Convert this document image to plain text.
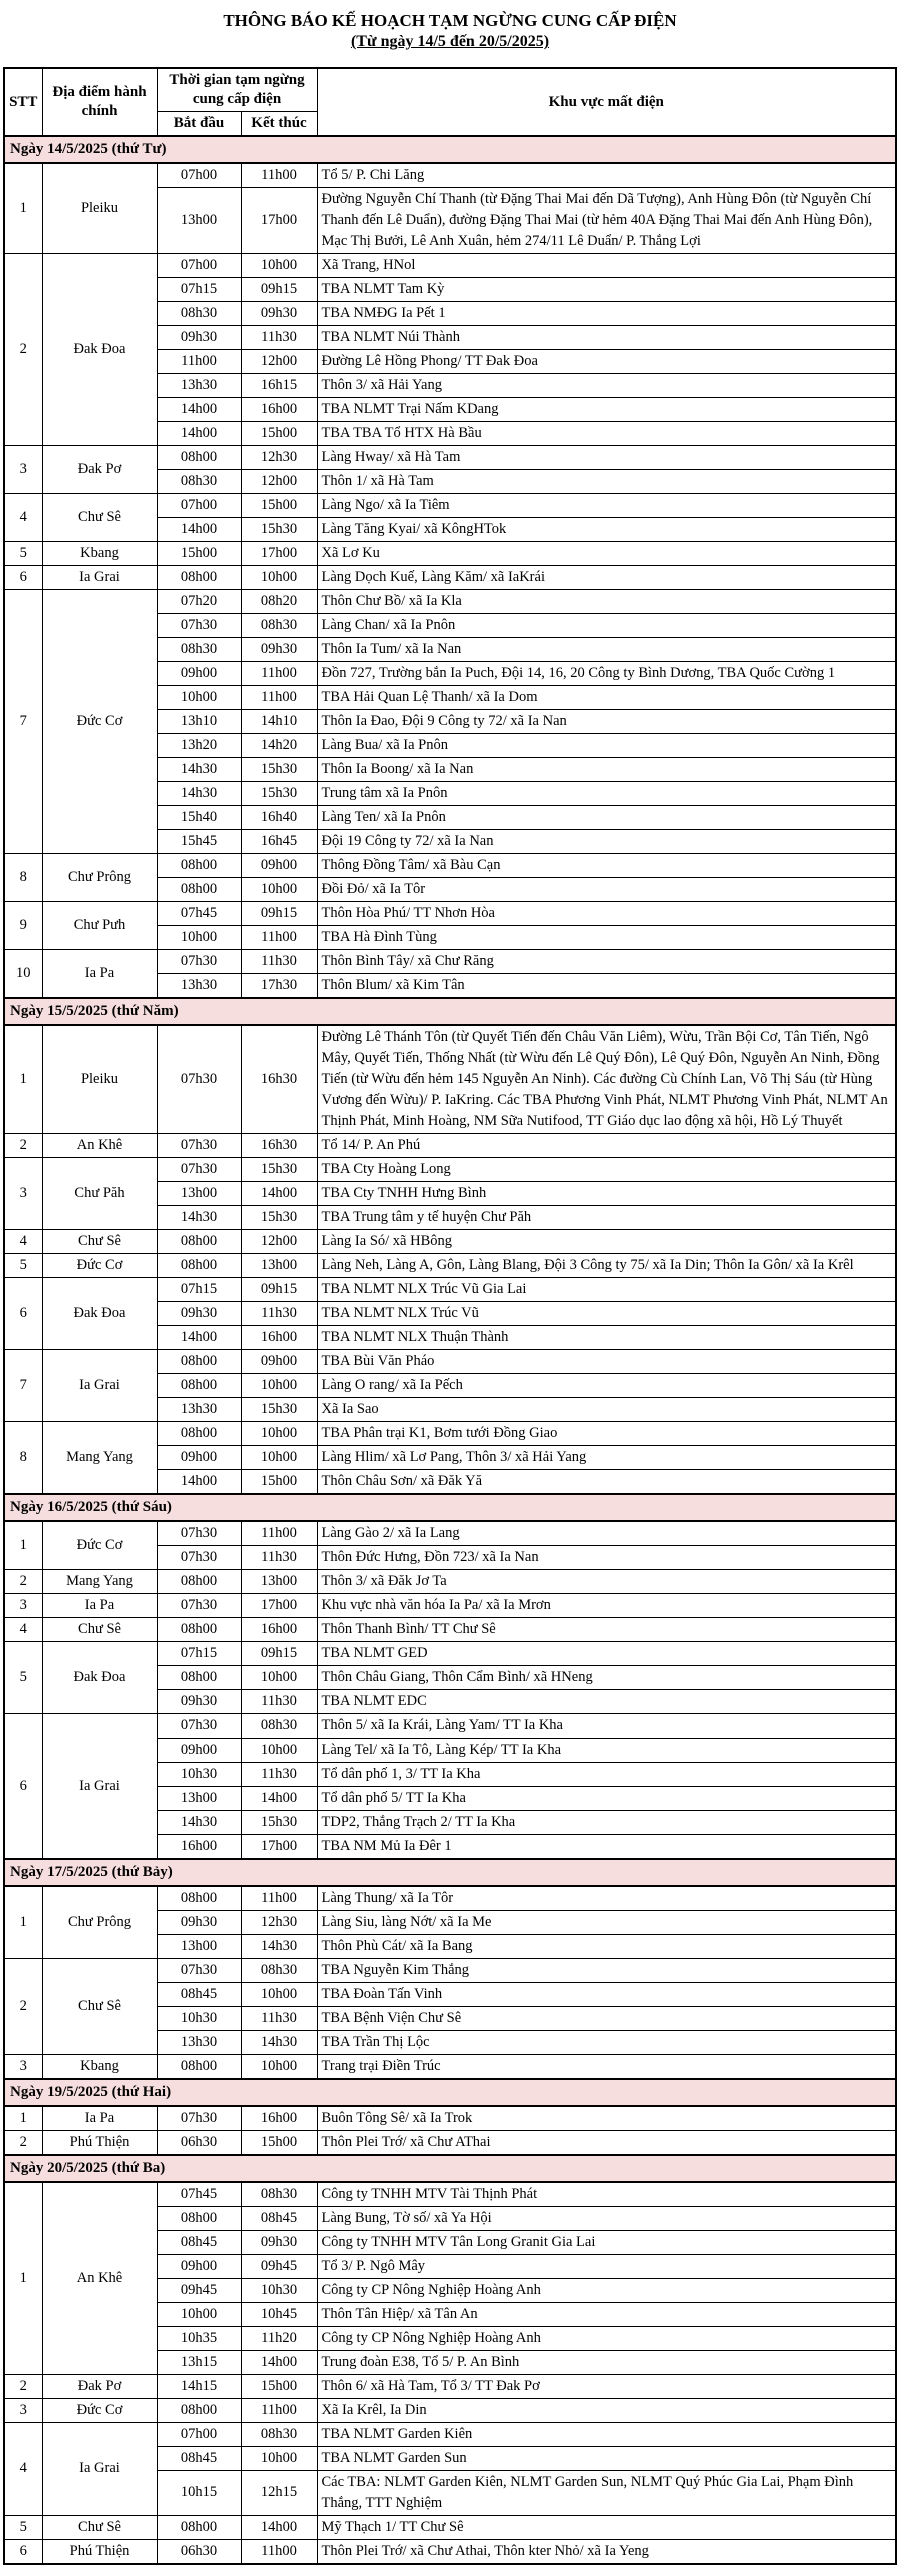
THÔNG BÁO KẾ HOẠCH TẠM NGỪNG CUNG CẤP ĐIỆN
(Từ ngày 14/5 đến 20/5/2025)
STT	Địa điểm hành chính	Thời gian tạm ngừng cung cấp điện		Khu vực mất điện
		Bắt đầu	Kết thúc	
Ngày 14/5/2025 (thứ Tư)				
1	Pleiku	07h00	11h00	Tổ 5/ P. Chi Lăng
		13h00	17h00	Đường Nguyễn Chí Thanh (từ Đặng Thai Mai đến Dã Tượng), Anh Hùng Đôn (từ Nguyễn Chí Thanh đến Lê Duẩn), đường Đặng Thai Mai (từ hẻm 40A Đặng Thai Mai đến Anh Hùng Đôn), Mạc Thị Bưởi, Lê Anh Xuân, hẻm 274/11 Lê Duẩn/ P. Thắng Lợi
2	Đak Đoa	07h00	10h00	Xã Trang, HNol
		07h15	09h15	TBA NLMT Tam Kỳ
		08h30	09h30	TBA NMĐG Ia Pết 1
		09h30	11h30	TBA NLMT Núi Thành
		11h00	12h00	Đường Lê Hồng Phong/ TT Đak Đoa
		13h30	16h15	Thôn 3/ xã Hải Yang
		14h00	16h00	TBA NLMT Trại Nấm KDang
		14h00	15h00	TBA TBA Tổ HTX Hà Bầu
3	Đak Pơ	08h00	12h30	Làng Hway/ xã Hà Tam
		08h30	12h00	Thôn 1/ xã Hà Tam
4	Chư Sê	07h00	15h00	Làng Ngo/ xã Ia Tiêm
		14h00	15h30	Làng Tăng Kyai/ xã KôngHTok
5	Kbang	15h00	17h00	Xã Lơ Ku
6	Ia Grai	08h00	10h00	Làng Dọch Kuế, Làng Kăm/ xã IaKrái
7	Đức Cơ	07h20	08h20	Thôn Chư Bồ/ xã Ia Kla
		07h30	08h30	Làng Chan/ xã Ia Pnôn
		08h30	09h30	Thôn Ia Tum/ xã Ia Nan
		09h00	11h00	Đồn 727, Trường bắn Ia Puch, Đội 14, 16, 20 Công ty Bình Dương, TBA Quốc Cường 1
		10h00	11h00	TBA Hải Quan Lệ Thanh/ xã Ia Dom
		13h10	14h10	Thôn Ia Đao, Đội 9 Công ty 72/ xã Ia Nan
		13h20	14h20	Làng Bua/ xã Ia Pnôn
		14h30	15h30	Thôn Ia Boong/ xã Ia Nan
		14h30	15h30	Trung tâm xã Ia Pnôn
		15h40	16h40	Làng Ten/ xã Ia Pnôn
		15h45	16h45	Đội 19 Công ty 72/ xã Ia Nan
8	Chư Prông	08h00	09h00	Thông Đồng Tâm/ xã Bàu Cạn
		08h00	10h00	Đồi Đỏ/ xã Ia Tôr
9	Chư Pưh	07h45	09h15	Thôn Hòa Phú/ TT Nhơn Hòa
		10h00	11h00	TBA Hà Đình Tùng
10	Ia Pa	07h30	11h30	Thôn Bình Tây/ xã Chư Răng
		13h30	17h30	Thôn Blum/ xã Kim Tân
Ngày 15/5/2025 (thứ Năm)				
1	Pleiku	07h30	16h30	Đường Lê Thánh Tôn (từ Quyết Tiến đến Châu Văn Liêm), Wừu, Trần Bội Cơ, Tân Tiến, Ngô Mây, Quyết Tiến, Thống Nhất (từ Wừu đến Lê Quý Đôn), Lê Quý Đôn, Nguyễn An Ninh, Đồng Tiến (từ Wừu đến hẻm 145 Nguyễn An Ninh). Các đường Cù Chính Lan, Võ Thị Sáu (từ Hùng Vương đến Wừu)/ P. IaKring. Các TBA Phương Vinh Phát, NLMT Phương Vinh Phát, NLMT An Thịnh Phát, Minh Hoàng, NM Sữa Nutifood, TT Giáo dục lao động xã hội, Hồ Lý Thuyết
2	An Khê	07h30	16h30	Tổ 14/ P. An Phú
3	Chư Păh	07h30	15h30	TBA Cty Hoàng Long
		13h00	14h00	TBA Cty TNHH Hưng Bình
		14h30	15h30	TBA Trung tâm y tế huyện Chư Păh
4	Chư Sê	08h00	12h00	Làng Ia Só/ xã HBông
5	Đức Cơ	08h00	13h00	Làng Neh, Làng A, Gôn, Làng Blang, Đội 3 Công ty 75/ xã Ia Din; Thôn Ia Gôn/ xã Ia Krêl
6	Đak Đoa	07h15	09h15	TBA NLMT NLX Trúc Vũ Gia Lai
		09h30	11h30	TBA NLMT NLX Trúc Vũ
		14h00	16h00	TBA NLMT NLX Thuận Thành
7	Ia Grai	08h00	09h00	TBA Bùi Văn Pháo
		08h00	10h00	Làng O rang/ xã Ia Pếch
		13h30	15h30	Xã Ia Sao
8	Mang Yang	08h00	10h00	TBA Phân trại K1, Bơm tưới Đồng Giao
		09h00	10h00	Làng Hlim/ xã Lơ Pang, Thôn 3/ xã Hải Yang
		14h00	15h00	Thôn Châu Sơn/ xã Đăk Yă
Ngày 16/5/2025 (thứ Sáu)				
1	Đức Cơ	07h30	11h00	Làng Gào 2/ xã Ia Lang
		07h30	11h30	Thôn Đức Hưng, Đồn 723/ xã Ia Nan
2	Mang Yang	08h00	13h00	Thôn 3/ xã Đăk Jơ Ta
3	Ia Pa	07h30	17h00	Khu vực nhà văn hóa Ia Pa/ xã Ia Mrơn
4	Chư Sê	08h00	16h00	Thôn Thanh Bình/ TT Chư Sê
5	Đak Đoa	07h15	09h15	TBA NLMT GED
		08h00	10h00	Thôn Châu Giang, Thôn Cẩm Bình/ xã HNeng
		09h30	11h30	TBA NLMT EDC
6	Ia Grai	07h30	08h30	Thôn 5/ xã Ia Krái, Làng Yam/ TT Ia Kha
		09h00	10h00	Làng Tel/ xã Ia Tô, Làng Kép/ TT Ia Kha
		10h30	11h30	Tổ dân phố 1, 3/ TT Ia Kha
		13h00	14h00	Tổ dân phố 5/ TT Ia Kha
		14h30	15h30	TDP2, Thắng Trạch 2/ TT Ia Kha
		16h00	17h00	TBA NM Mủ Ia Đêr 1
Ngày 17/5/2025 (thứ Bảy)				
1	Chư Prông	08h00	11h00	Làng Thung/ xã Ia Tôr
		09h30	12h30	Làng Siu, làng Nớt/ xã Ia Me
		13h00	14h30	Thôn Phù Cát/ xã Ia Bang
2	Chư Sê	07h30	08h30	TBA Nguyễn Kim Thắng
		08h45	10h00	TBA Đoàn Tấn Vinh
		10h30	11h30	TBA Bệnh Viện Chư Sê
		13h30	14h30	TBA Trần Thị Lộc
3	Kbang	08h00	10h00	Trang trại Điền Trúc
Ngày 19/5/2025 (thứ Hai)				
1	Ia Pa	07h30	16h00	Buôn Tông Sê/ xã Ia Trok
2	Phú Thiện	06h30	15h00	Thôn Plei Trớ/ xã Chư AThai
Ngày 20/5/2025 (thứ Ba)				
1	An Khê	07h45	08h30	Công ty TNHH MTV Tài Thịnh Phát
		08h00	08h45	Làng Bung, Tờ số/ xã Ya Hội
		08h45	09h30	Công ty TNHH MTV Tân Long Granit Gia Lai
		09h00	09h45	Tổ 3/ P. Ngô Mây
		09h45	10h30	Công ty CP Nông Nghiệp Hoàng Anh
		10h00	10h45	Thôn Tân Hiệp/ xã Tân An
		10h35	11h20	Công ty CP Nông Nghiệp Hoàng Anh
		13h15	14h00	Trung đoàn E38, Tổ 5/ P. An Bình
2	Đak Pơ	14h15	15h00	Thôn 6/ xã Hà Tam, Tổ 3/ TT Đak Pơ
3	Đức Cơ	08h00	11h00	Xã Ia Krêl, Ia Din
4	Ia Grai	07h00	08h30	TBA NLMT Garden Kiên
		08h45	10h00	TBA NLMT Garden Sun
		10h15	12h15	Các TBA: NLMT Garden Kiên, NLMT Garden Sun, NLMT Quý Phúc Gia Lai, Phạm Đình Thắng, TTT Nghiệm
5	Chư Sê	08h00	14h00	Mỹ Thạch 1/ TT Chư Sê
6	Phú Thiện	06h30	11h00	Thôn Plei Trớ/ xã Chư Athai, Thôn kter Nhỏ/ xã Ia Yeng
